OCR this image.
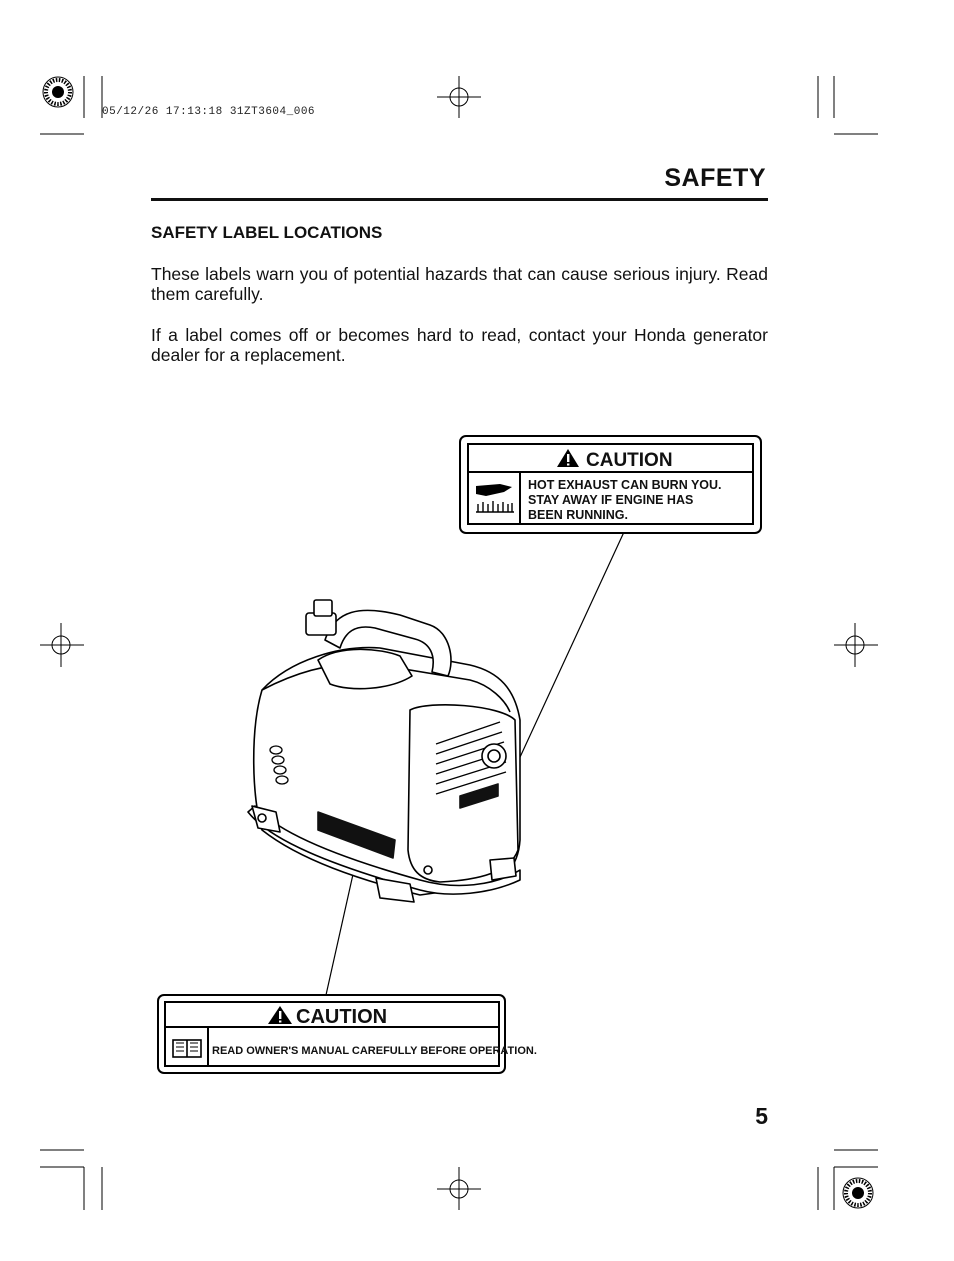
05/12/26 17:13:18 31ZT3604_006
SAFETY
SAFETY LABEL LOCATIONS
These labels warn you of potential hazards that can cause serious injury. Read them carefully.
If a label comes off or becomes hard to read, contact your Honda generator dealer for a replacement.
CAUTION
HOT EXHAUST CAN BURN YOU.
STAY AWAY IF ENGINE HAS
BEEN RUNNING.
CAUTION
READ OWNER'S MANUAL CAREFULLY BEFORE OPERATION.
5
